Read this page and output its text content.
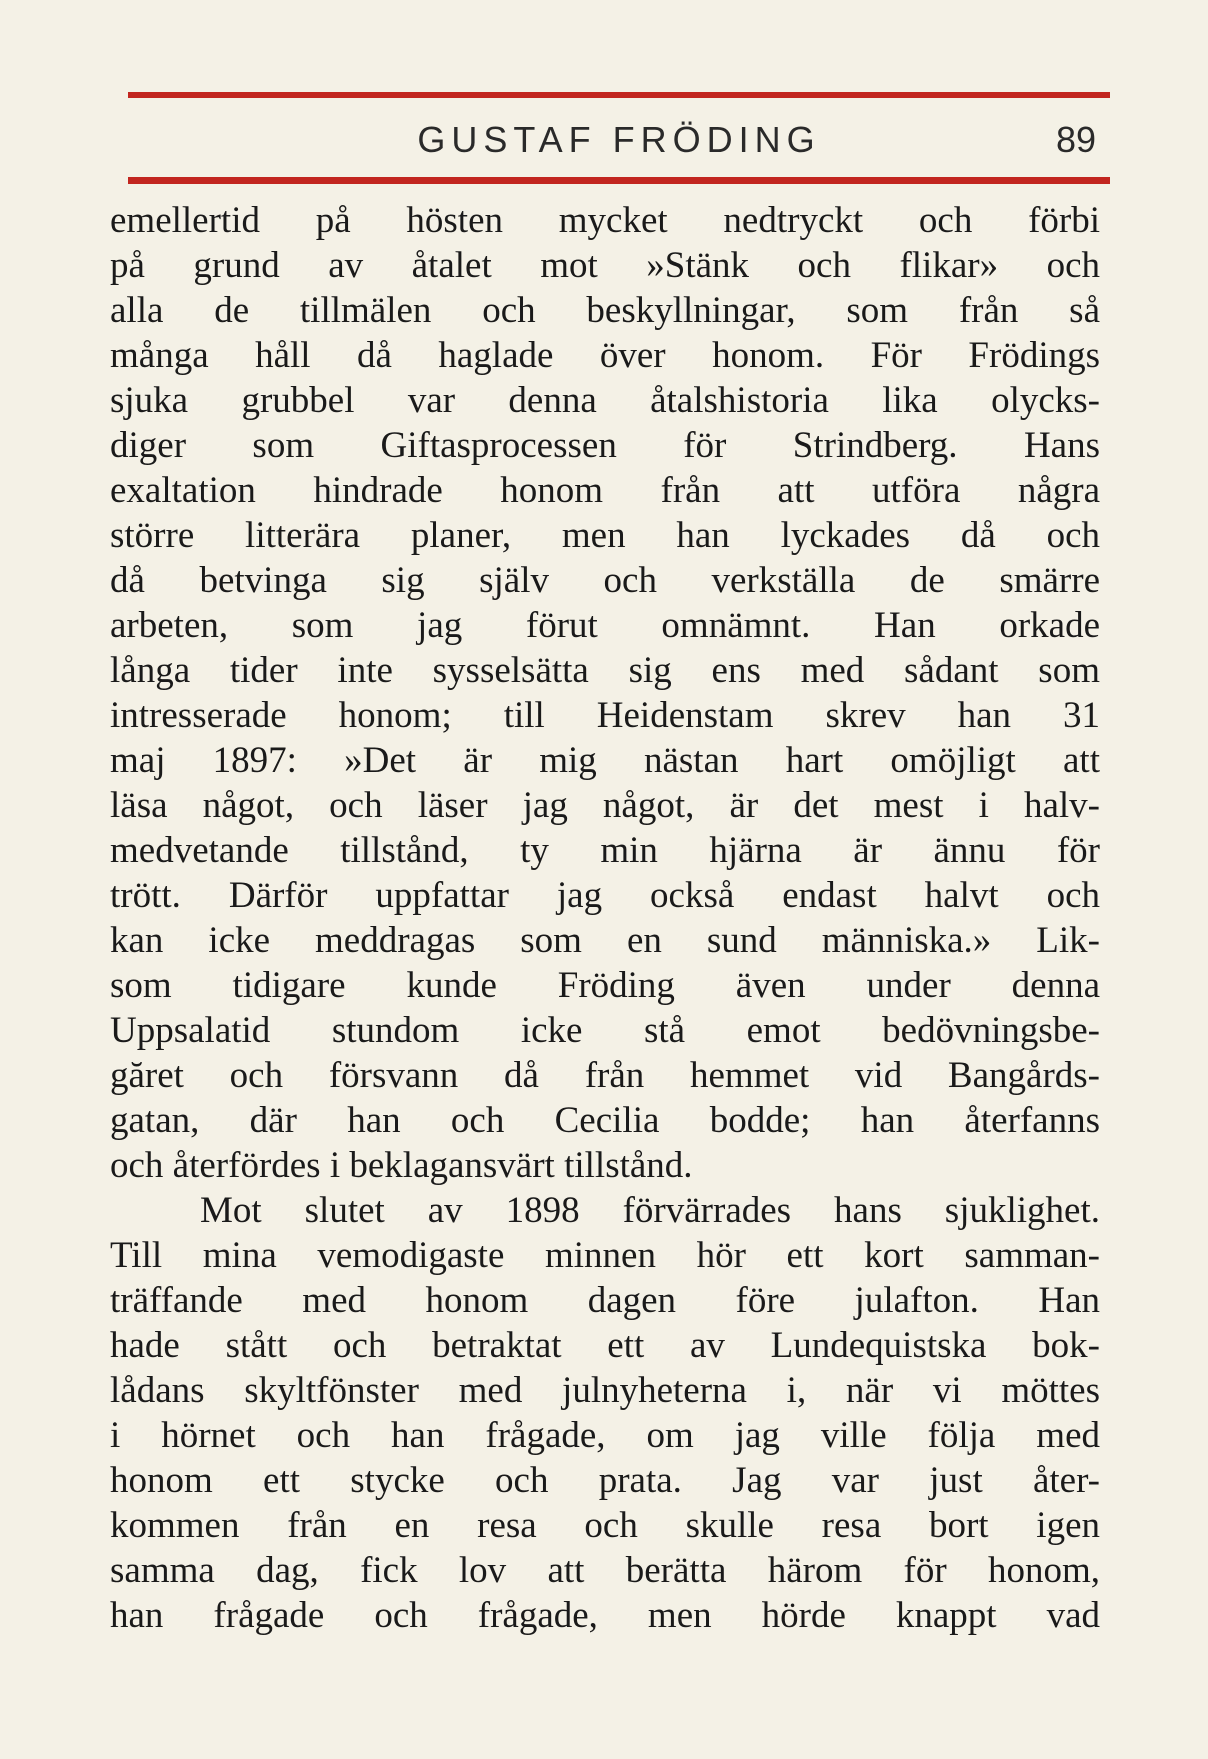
GUSTAF FRÖDING	89
emellertid på hösten mycket nedtryckt och förbi
på grund av åtalet mot »Stänk och flikar» och
alla de tillmälen och beskyllningar, som från så
många håll då haglade över honom. För Frödings
sjuka grubbel var denna åtalshistoria lika olycks-
diger som Giftasprocessen för Strindberg. Hans
exaltation hindrade honom från att utföra några
större litterära planer, men han lyckades då och
då betvinga sig själv och verkställa de smärre
arbeten, som jag förut omnämnt. Han orkade
långa tider inte sysselsätta sig ens med sådant som
intresserade honom; till Heidenstam skrev han 31
maj 1897: »Det är mig nästan hart omöjligt att
läsa något, och läser jag något, är det mest i halv-
medvetande tillstånd, ty min hjärna är ännu för
trött. Därför uppfattar jag också endast halvt och
kan icke meddragas som en sund människa.» Lik-
som tidigare kunde Fröding även under denna
Uppsalatid stundom icke stå emot bedövningsbe-
găret och försvann då från hemmet vid Bangårds-
gatan, där han och Cecilia bodde; han återfanns
och återfördes i beklagansvärt tillstånd.
Mot slutet av 1898 förvärrades hans sjuklighet.
Till mina vemodigaste minnen hör ett kort samman-
träffande med honom dagen före julafton. Han
hade stått och betraktat ett av Lundequistska bok-
lådans skyltfönster med julnyheterna i, när vi möttes
i hörnet och han frågade, om jag ville följa med
honom ett stycke och prata. Jag var just åter-
kommen från en resa och skulle resa bort igen
samma dag, fick lov att berätta härom för honom,
han frågade och frågade, men hörde knappt vad
